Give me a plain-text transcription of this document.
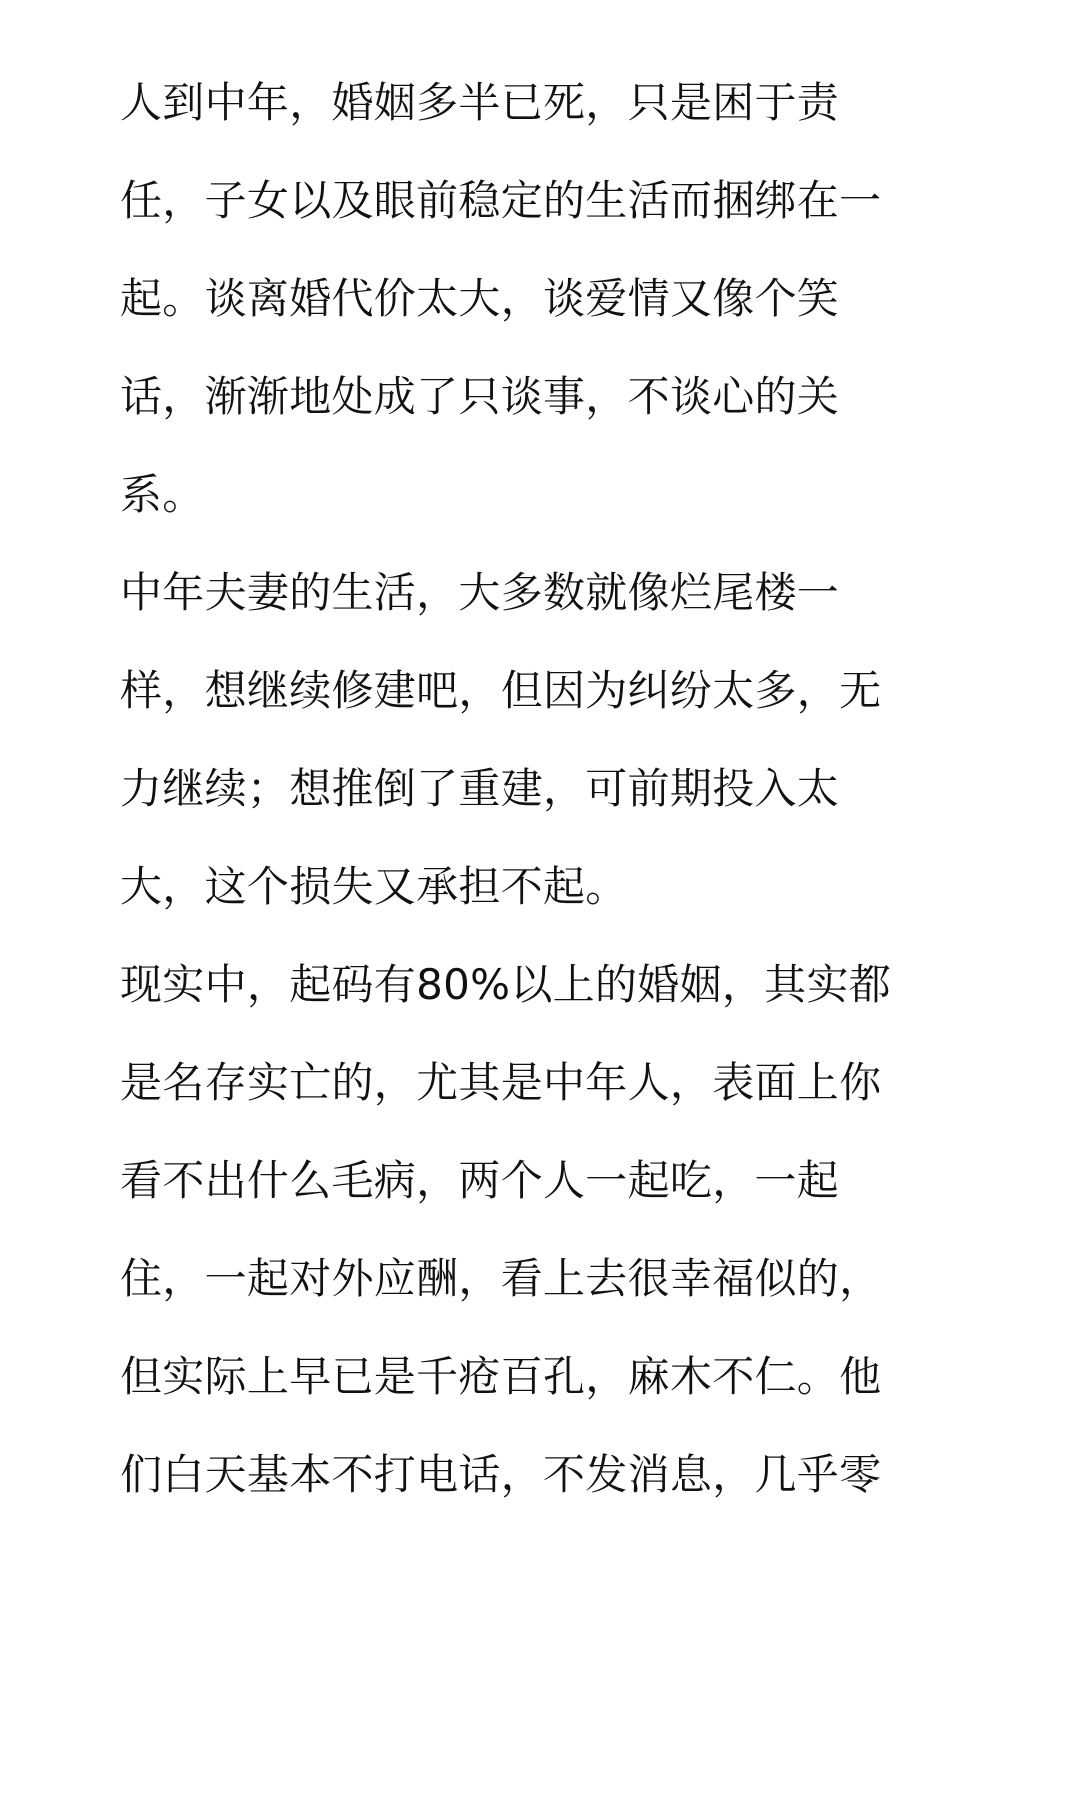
人到中年，婚姻多半已死，只是困于责
任，子女以及眼前稳定的生活而捆绑在一
起。谈离婚代价太大，谈爱情又像个笑
话，渐渐地处成了只谈事，不谈心的关
系。
中年夫妻的生活，大多数就像烂尾楼一
样，想继续修建吧，但因为纠纷太多，无
力继续；想推倒了重建，可前期投入太
大，这个损失又承担不起。
现实中，起码有80%以上的婚姻，其实都
是名存实亡的，尤其是中年人，表面上你
看不出什么毛病，两个人一起吃，一起
住，一起对外应酬，看上去很幸福似的，
但实际上早已是千疮百孔，麻木不仁。他
们白天基本不打电话，不发消息，几乎零
